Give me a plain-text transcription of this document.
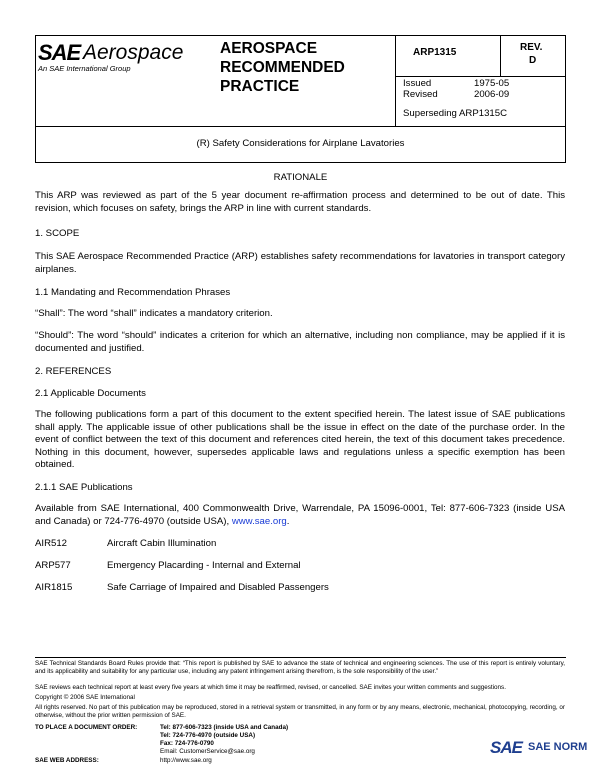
SAE Aerospace
An SAE International Group
AEROSPACE
RECOMMENDED
PRACTICE
ARP1315	REV.
D
Issued	1975-05
Revised	2006-09
Superseding ARP1315C
(R) Safety Considerations for Airplane Lavatories
RATIONALE
This ARP was reviewed as part of the 5 year document re-affirmation process and determined to be out of date. This revision, which focuses on safety, brings the ARP in line with current standards.
1. SCOPE
This SAE Aerospace Recommended Practice (ARP) establishes safety recommendations for lavatories in transport category airplanes.
1.1 Mandating and Recommendation Phrases
“Shall”: The word “shall” indicates a mandatory criterion.
“Should”: The word “should” indicates a criterion for which an alternative, including non compliance, may be applied if it is documented and justified.
2. REFERENCES
2.1 Applicable Documents
The following publications form a part of this document to the extent specified herein. The latest issue of SAE publications shall apply. The applicable issue of other publications shall be the issue in effect on the date of the purchase order. In the event of conflict between the text of this document and references cited herein, the text of this document takes precedence. Nothing in this document, however, supersedes applicable laws and regulations unless a specific exemption has been obtained.
2.1.1 SAE Publications
Available from SAE International, 400 Commonwealth Drive, Warrendale, PA 15096-0001, Tel: 877-606-7323 (inside USA and Canada) or 724-776-4970 (outside USA), www.sae.org.
AIR512	Aircraft Cabin Illumination
ARP577	Emergency Placarding - Internal and External
AIR1815	Safe Carriage of Impaired and Disabled Passengers
SAE Technical Standards Board Rules provide that: “This report is published by SAE to advance the state of technical and engineering sciences. The use of this report is entirely voluntary, and its applicability and suitability for any particular use, including any patent infringement arising therefrom, is the sole responsibility of the user.”
SAE reviews each technical report at least every five years at which time it may be reaffirmed, revised, or cancelled. SAE invites your written comments and suggestions.
Copyright © 2006 SAE International
All rights reserved. No part of this publication may be reproduced, stored in a retrieval system or transmitted, in any form or by any means, electronic, mechanical, photocopying, recording, or otherwise, without the prior written permission of SAE.
TO PLACE A DOCUMENT ORDER:	Tel: 877-606-7323 (inside USA and Canada)
Tel: 724-776-4970 (outside USA)
Fax: 724-776-0790
Email: CustomerService@sae.org
SAE WEB ADDRESS:	http://www.sae.org
SAE SAE NORM
